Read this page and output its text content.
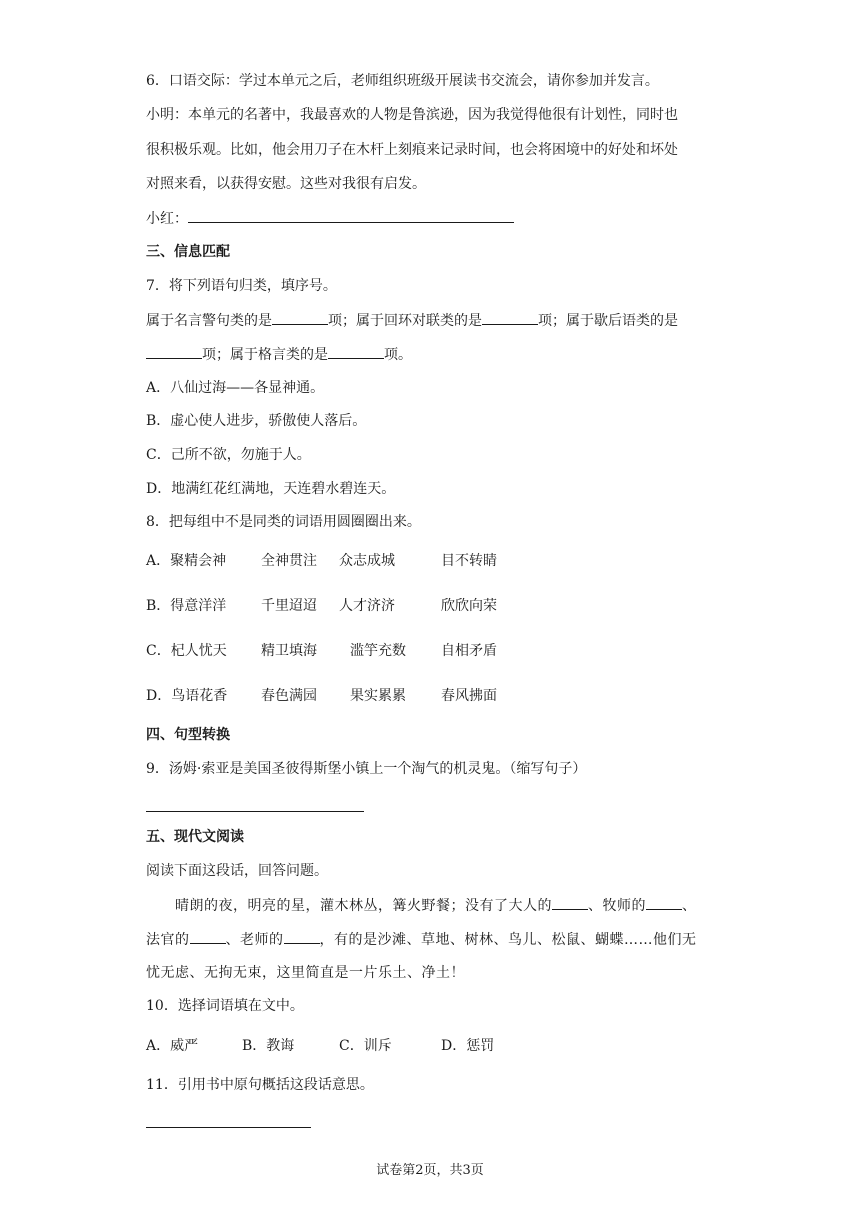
6．口语交际：学过本单元之后，老师组织班级开展读书交流会，请你参加并发言。
小明：本单元的名著中，我最喜欢的人物是鲁滨逊，因为我觉得他很有计划性，同时也
很积极乐观。比如，他会用刀子在木杆上刻痕来记录时间，也会将困境中的好处和坏处
对照来看，以获得安慰。这些对我很有启发。
小红：
三、信息匹配
7．将下列语句归类，填序号。
属于名言警句类的是	项；属于回环对联类的是	项；属于歇后语类的是
项；属于格言类的是	项。
A．八仙过海——各显神通。
B．虚心使人进步，骄傲使人落后。
C．己所不欲，勿施于人。
D．地满红花红满地，天连碧水碧连天。
8．把每组中不是同类的词语用圆圈圈出来。
A．聚精会神 全神贯注 众志成城	目不转睛
B．得意洋洋 千里迢迢 人才济济	欣欣向荣
C．杞人忧天 精卫填海 滥竽充数	自相矛盾
D．鸟语花香 春色满园 果实累累	春风拂面
四、句型转换
9．汤姆·索亚是美国圣彼得斯堡小镇上一个淘气的机灵鬼。（缩写句子）
五、现代文阅读
阅读下面这段话，回答问题。
晴朗的夜，明亮的星，灌木林丛，篝火野餐；没有了大人的	、牧师的	、
法官的	、老师的	，有的是沙滩、草地、树林、鸟儿、松鼠、蝴蝶……他们无
忧无虑、无拘无束，这里简直是一片乐土、净土！
10．选择词语填在文中。
A．威严	B．教诲	C．训斥	D．惩罚
11．引用书中原句概括这段话意思。
试卷第2页，共3页
